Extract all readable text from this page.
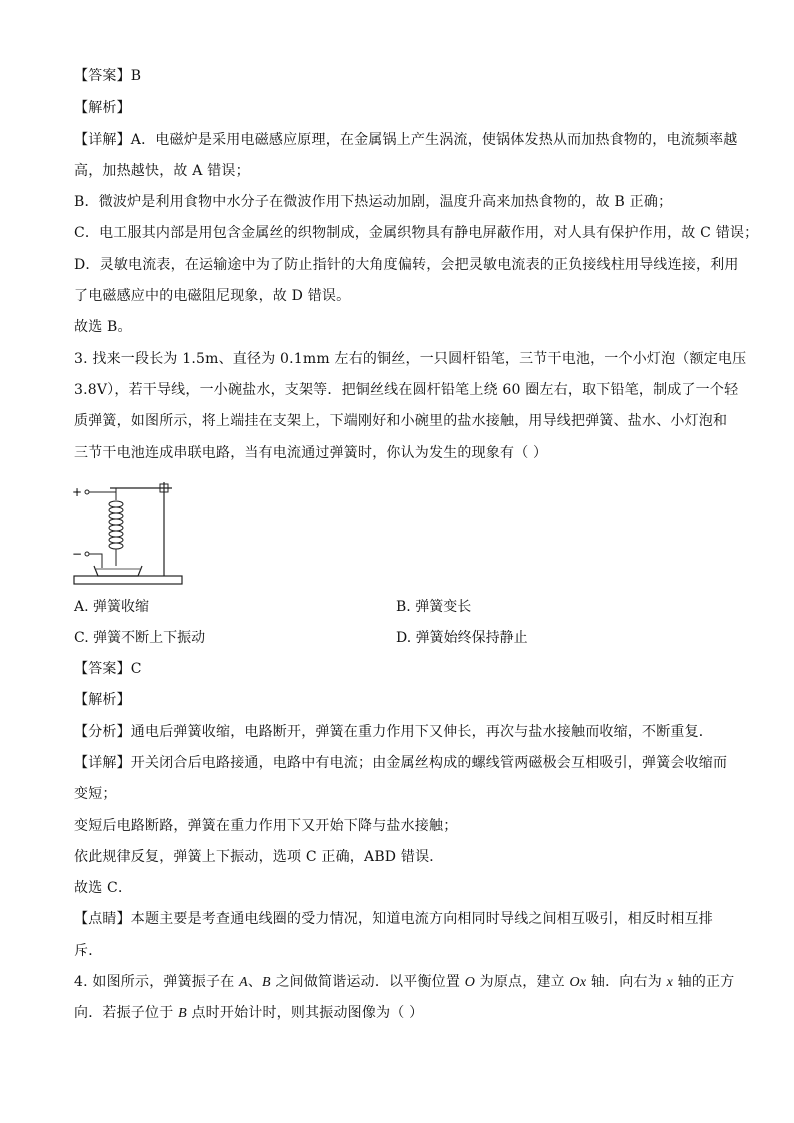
【答案】B
【解析】
【详解】A．电磁炉是采用电磁感应原理，在金属锅上产生涡流，使锅体发热从而加热食物的，电流频率越
高，加热越快，故 A 错误；
B．微波炉是利用食物中水分子在微波作用下热运动加剧，温度升高来加热食物的，故 B 正确；
C．电工服其内部是用包含金属丝的织物制成，金属织物具有静电屏蔽作用，对人具有保护作用，故 C 错误；
D．灵敏电流表，在运输途中为了防止指针的大角度偏转，会把灵敏电流表的正负接线柱用导线连接，利用
了电磁感应中的电磁阻尼现象，故 D 错误。
故选 B。
3. 找来一段长为 1.5m、直径为 0.1mm 左右的铜丝，一只圆杆铅笔，三节干电池，一个小灯泡（额定电压
3.8V），若干导线，一小碗盐水，支架等．把铜丝线在圆杆铅笔上绕 60 圈左右，取下铅笔，制成了一个轻
质弹簧，如图所示，将上端挂在支架上，下端刚好和小碗里的盐水接触，用导线把弹簧、盐水、小灯泡和
三节干电池连成串联电路，当有电流通过弹簧时，你认为发生的现象有（ ）
+
−
A. 弹簧收缩	B. 弹簧变长
C. 弹簧不断上下振动	D. 弹簧始终保持静止
【答案】C
【解析】
【分析】通电后弹簧收缩，电路断开，弹簧在重力作用下又伸长，再次与盐水接触而收缩，不断重复．
【详解】开关闭合后电路接通，电路中有电流；由金属丝构成的螺线管两磁极会互相吸引，弹簧会收缩而
变短；
变短后电路断路，弹簧在重力作用下又开始下降与盐水接触；
依此规律反复，弹簧上下振动，选项 C 正确，ABD 错误．
故选 C．
【点睛】本题主要是考查通电线圈的受力情况，知道电流方向相同时导线之间相互吸引，相反时相互排
斥．
4. 如图所示，弹簧振子在 A、B 之间做简谐运动．以平衡位置 O 为原点，建立 Ox 轴．向右为 x 轴的正方
向．若振子位于 B 点时开始计时，则其振动图像为（ ）
